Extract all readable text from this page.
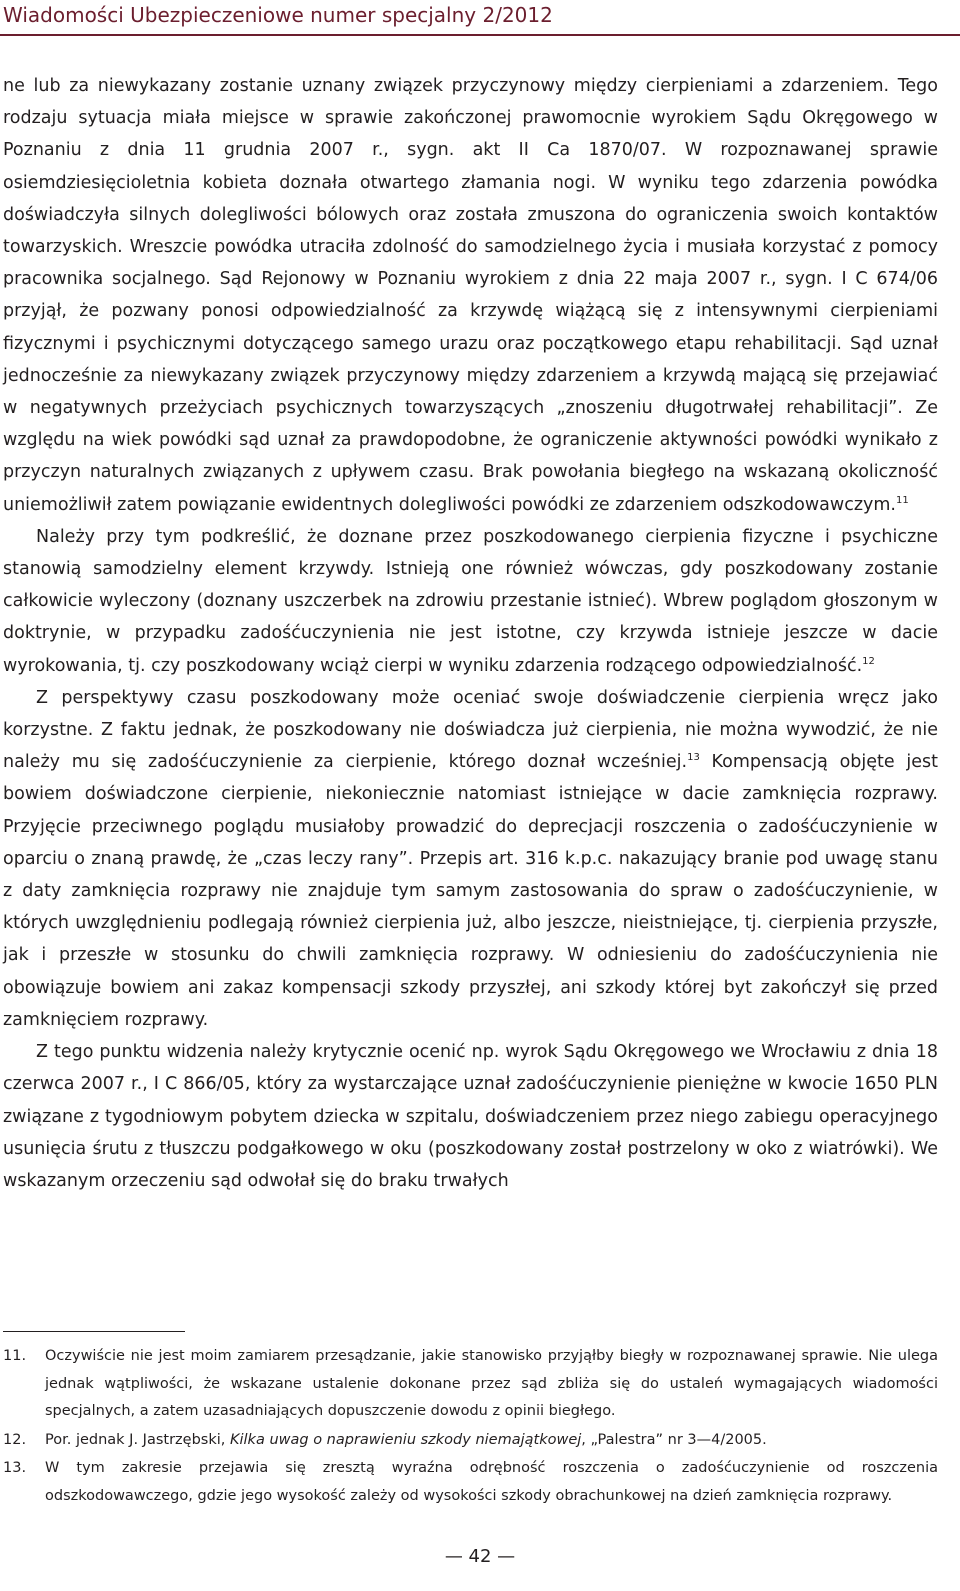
Wiadomości Ubezpieczeniowe numer specjalny 2/2012

ne lub za niewykazany zostanie uznany związek przyczynowy między cierpieniami a zdarzeniem. Tego rodzaju sytuacja miała miejsce w sprawie zakończonej prawomocnie wyrokiem Sądu Okręgowego w Poznaniu z dnia 11 grudnia 2007 r., sygn. akt II Ca 1870/07. W rozpoznawanej sprawie osiemdziesięcioletnia kobieta doznała otwartego złamania nogi. W wyniku tego zdarzenia powódka doświadczyła silnych dolegliwości bólowych oraz została zmuszona do ograniczenia swoich kontaktów towarzyskich. Wreszcie powódka utraciła zdolność do samodzielnego życia i musiała korzystać z pomocy pracownika socjalnego. Sąd Rejonowy w Poznaniu wyrokiem z dnia 22 maja 2007 r., sygn. I C 674/06 przyjął, że pozwany ponosi odpowiedzialność za krzywdę wiążącą się z intensywnymi cierpieniami fizycznymi i psychicznymi dotyczącego samego urazu oraz początkowego etapu rehabilitacji. Sąd uznał jednocześnie za niewykazany związek przyczynowy między zdarzeniem a krzywdą mającą się przejawiać w negatywnych przeżyciach psychicznych towarzyszących „znoszeniu długotrwałej rehabilitacji”. Ze względu na wiek powódki sąd uznał za prawdopodobne, że ograniczenie aktywności powódki wynikało z przyczyn naturalnych związanych z upływem czasu. Brak powołania biegłego na wskazaną okoliczność uniemożliwił zatem powiązanie ewidentnych dolegliwości powódki ze zdarzeniem odszkodowawczym.$^{11}$

Należy przy tym podkreślić, że doznane przez poszkodowanego cierpienia fizyczne i psychiczne stanowią samodzielny element krzywdy. Istnieją one również wówczas, gdy poszkodowany zostanie całkowicie wyleczony (doznany uszczerbek na zdrowiu przestanie istnieć). Wbrew poglądom głoszonym w doktrynie, w przypadku zadośćuczynienia nie jest istotne, czy krzywda istnieje jeszcze w dacie wyrokowania, tj. czy poszkodowany wciąż cierpi w wyniku zdarzenia rodzącego odpowiedzialność.$^{12}$

Z perspektywy czasu poszkodowany może oceniać swoje doświadczenie cierpienia wręcz jako korzystne. Z faktu jednak, że poszkodowany nie doświadcza już cierpienia, nie można wywodzić, że nie należy mu się zadośćuczynienie za cierpienie, którego doznał wcześniej.$^{13}$ Kompensacją objęte jest bowiem doświadczone cierpienie, niekoniecznie natomiast istniejące w dacie zamknięcia rozprawy. Przyjęcie przeciwnego poglądu musiałoby prowadzić do deprecjacji roszczenia o zadośćuczynienie w oparciu o znaną prawdę, że „czas leczy rany”. Przepis art. 316 k.p.c. nakazujący branie pod uwagę stanu z daty zamknięcia rozprawy nie znajduje tym samym zastosowania do spraw o zadośćuczynienie, w których uwzględnieniu podlegają również cierpienia już, albo jeszcze, nieistniejące, tj. cierpienia przyszłe, jak i przeszłe w stosunku do chwili zamknięcia rozprawy. W odniesieniu do zadośćuczynienia nie obowiązuje bowiem ani zakaz kompensacji szkody przyszłej, ani szkody której byt zakończył się przed zamknięciem rozprawy.

Z tego punktu widzenia należy krytycznie ocenić np. wyrok Sądu Okręgowego we Wrocławiu z dnia 18 czerwca 2007 r., I C 866/05, który za wystarczające uznał zadośćuczynienie pieniężne w kwocie 1650 PLN związane z tygodniowym pobytem dziecka w szpitalu, doświadczeniem przez niego zabiegu operacyjnego usunięcia śrutu z tłuszczu podgałkowego w oku (poszkodowany został postrzelony w oko z wiatrówki). We wskazanym orzeczeniu sąd odwołał się do braku trwałych

11.	Oczywiście nie jest moim zamiarem przesądzanie, jakie stanowisko przyjąłby biegły w rozpoznawanej sprawie. Nie ulega jednak wątpliwości, że wskazane ustalenie dokonane przez sąd zbliża się do ustaleń wymagających wiadomości specjalnych, a zatem uzasadniających dopuszczenie dowodu z opinii biegłego.
12.	Por. jednak J. Jastrzębski, Kilka uwag o naprawieniu szkody niemajątkowej, „Palestra” nr 3—4/2005.
13.	W tym zakresie przejawia się zresztą wyraźna odrębność roszczenia o zadośćuczynienie od roszczenia odszkodowawczego, gdzie jego wysokość zależy od wysokości szkody obrachunkowej na dzień zamknięcia rozprawy.
— 42 —
